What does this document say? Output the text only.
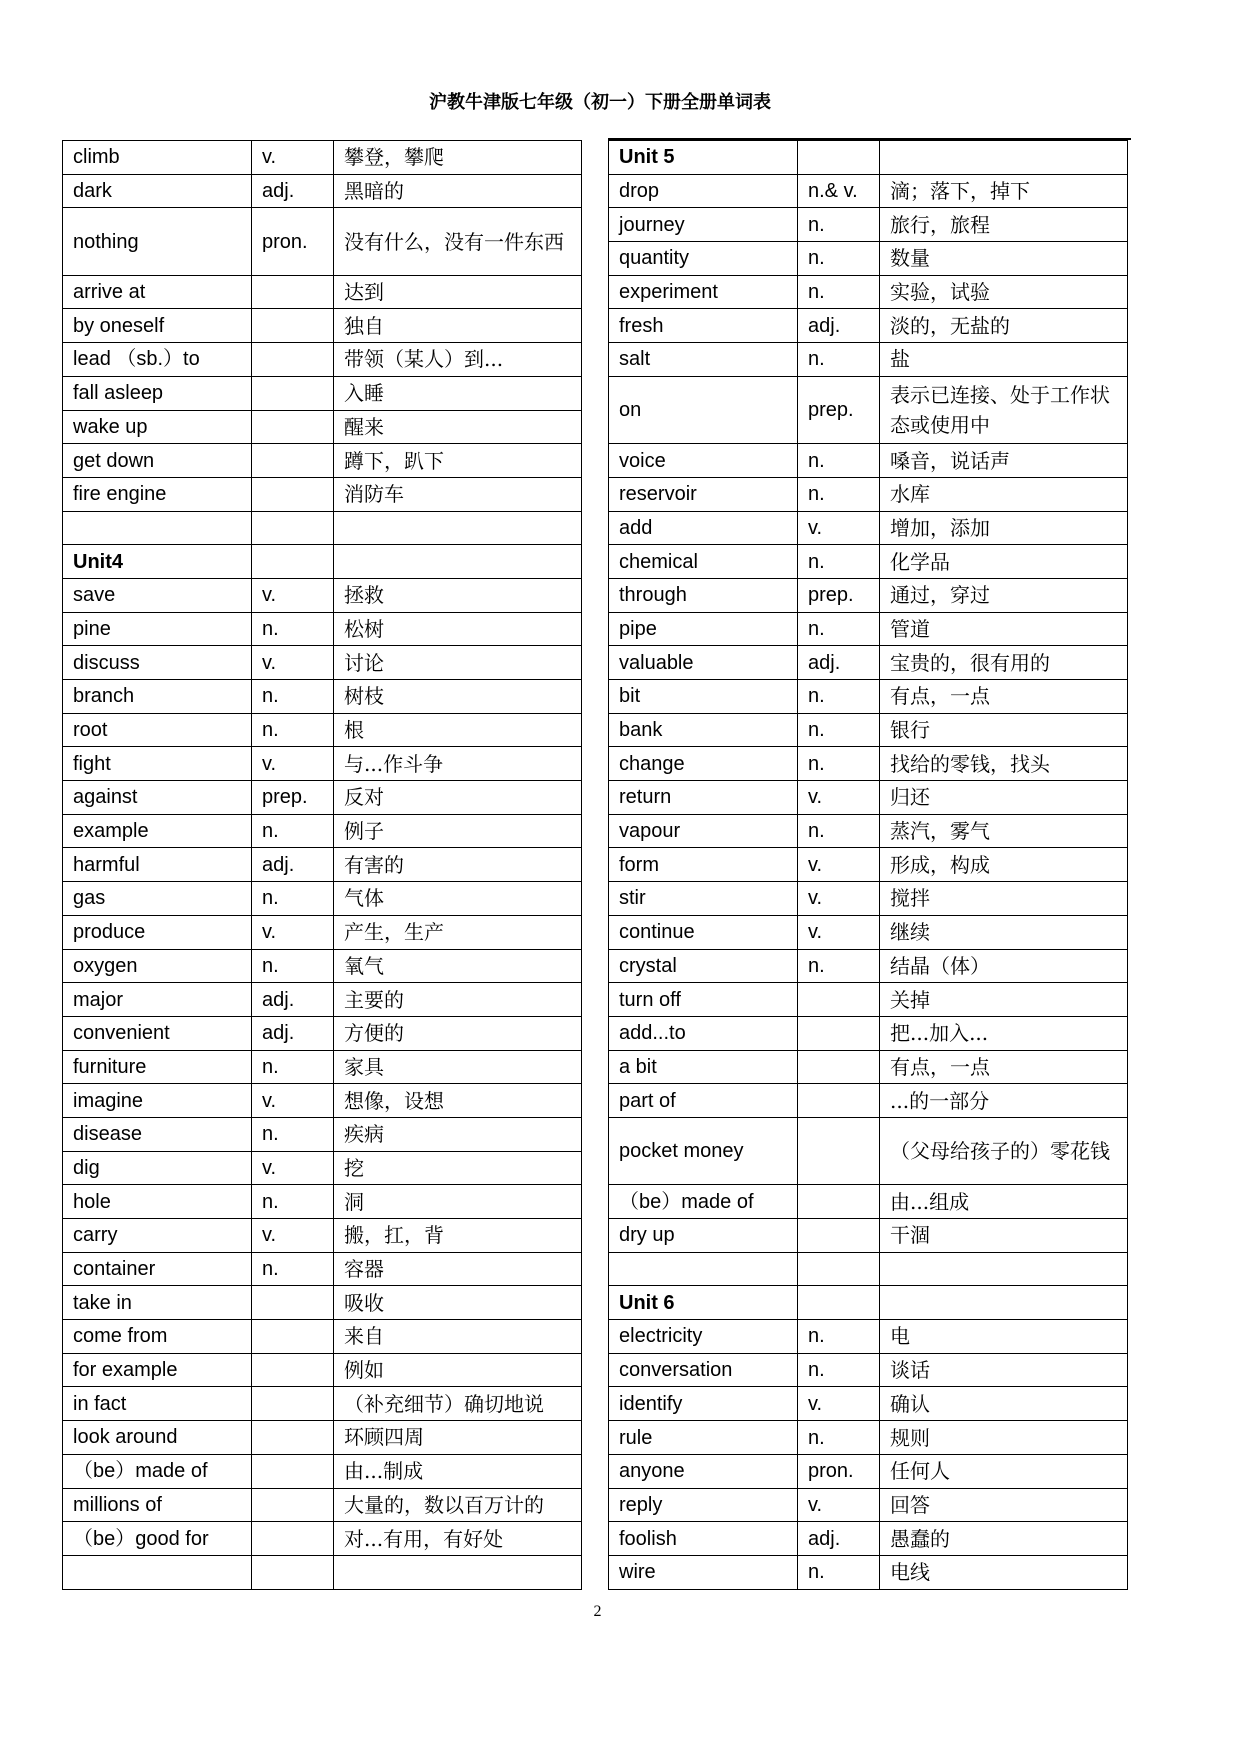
沪教牛津版七年级（初一）下册全册单词表
climb	v.	攀登，攀爬
dark	adj.	黑暗的
nothing	pron.	没有什么，没有一件东西
arrive at		达到
by oneself		独自
lead （sb.）to		带领（某人）到...
fall asleep		入睡
wake up		醒来
get down		蹲下，趴下
fire engine		消防车

Unit4		
save	v.	拯救
pine	n.	松树
discuss	v.	讨论
branch	n.	树枝
root	n.	根
fight	v.	与...作斗争
against	prep.	反对
example	n.	例子
harmful	adj.	有害的
gas	n.	气体
produce	v.	产生，生产
oxygen	n.	氧气
major	adj.	主要的
convenient	adj.	方便的
furniture	n.	家具
imagine	v.	想像，设想
disease	n.	疾病
dig	v.	挖
hole	n.	洞
carry	v.	搬，扛，背
container	n.	容器
take in		吸收
come from		来自
for example		例如
in fact		（补充细节）确切地说
look around		环顾四周
（be）made of		由...制成
millions of		大量的，数以百万计的
（be）good for		对...有用，有好处

Unit 5		
drop	n.& v.	滴；落下，掉下
journey	n.	旅行，旅程
quantity	n.	数量
experiment	n.	实验，试验
fresh	adj.	淡的，无盐的
salt	n.	盐
on	prep.	表示已连接、处于工作状态或使用中
voice	n.	嗓音，说话声
reservoir	n.	水库
add	v.	增加，添加
chemical	n.	化学品
through	prep.	通过，穿过
pipe	n.	管道
valuable	adj.	宝贵的，很有用的
bit	n.	有点，一点
bank	n.	银行
change	n.	找给的零钱，找头
return	v.	归还
vapour	n.	蒸汽，雾气
form	v.	形成，构成
stir	v.	搅拌
continue	v.	继续
crystal	n.	结晶（体）
turn off		关掉
add...to		把...加入...
a bit		有点，一点
part of		...的一部分
pocket money		（父母给孩子的）零花钱
（be）made of		由...组成
dry up		干涸

Unit 6		
electricity	n.	电
conversation	n.	谈话
identify	v.	确认
rule	n.	规则
anyone	pron.	任何人
reply	v.	回答
foolish	adj.	愚蠢的
wire	n.	电线
2
